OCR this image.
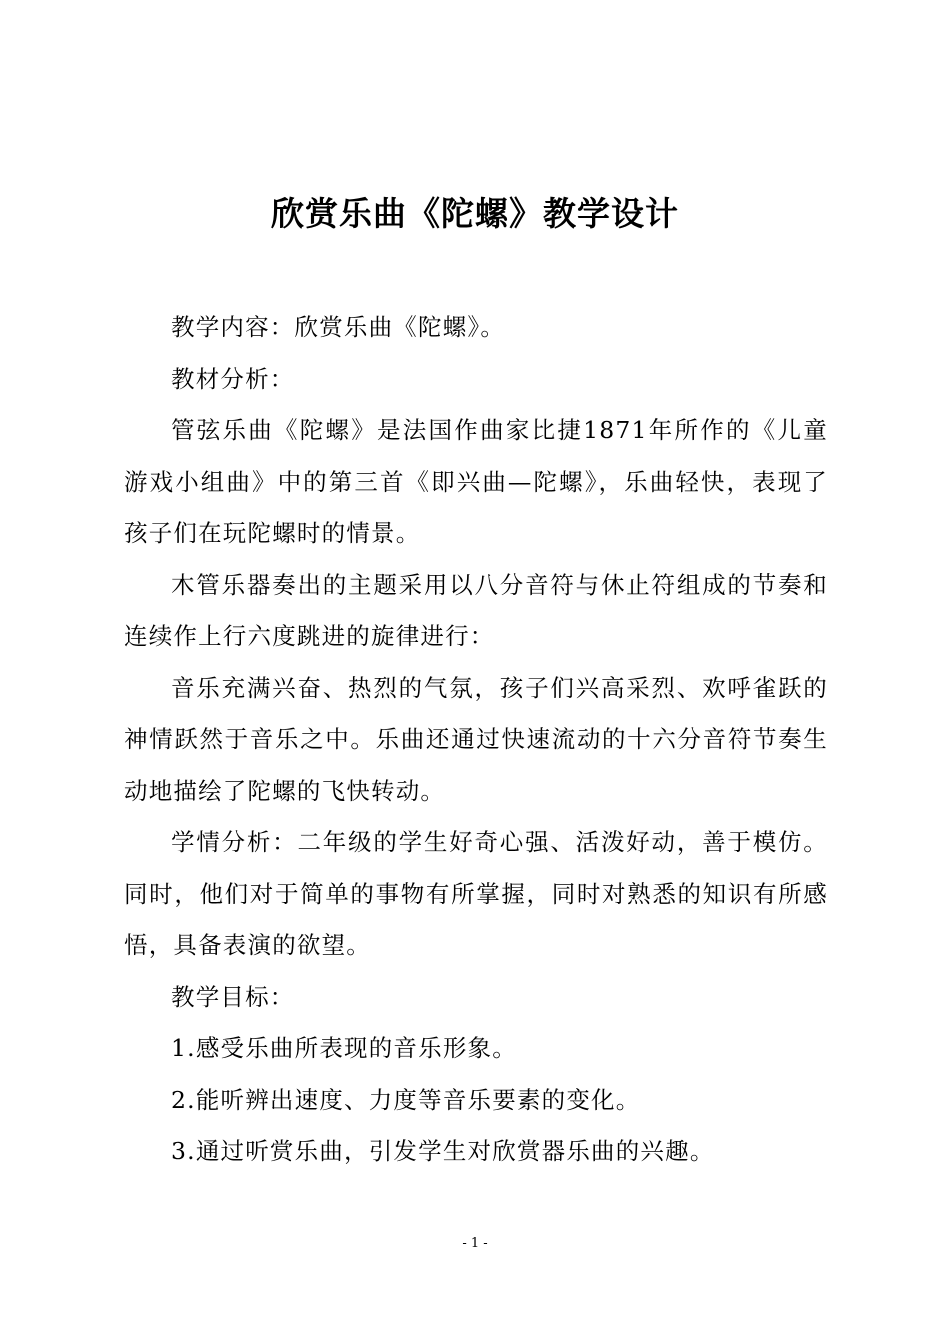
欣赏乐曲《陀螺》教学设计

教学内容：欣赏乐曲《陀螺》。

教材分析：

管弦乐曲《陀螺》是法国作曲家比捷1871年所作的《儿童游戏小组曲》中的第三首《即兴曲—陀螺》，乐曲轻快，表现了孩子们在玩陀螺时的情景。

木管乐器奏出的主题采用以八分音符与休止符组成的节奏和连续作上行六度跳进的旋律进行：

音乐充满兴奋、热烈的气氛，孩子们兴高采烈、欢呼雀跃的神情跃然于音乐之中。乐曲还通过快速流动的十六分音符节奏生动地描绘了陀螺的飞快转动。

学情分析：二年级的学生好奇心强、活泼好动，善于模仿。同时，他们对于简单的事物有所掌握，同时对熟悉的知识有所感悟，具备表演的欲望。

教学目标：

1.感受乐曲所表现的音乐形象。

2.能听辨出速度、力度等音乐要素的变化。

3.通过听赏乐曲，引发学生对欣赏器乐曲的兴趣。

- 1 -
